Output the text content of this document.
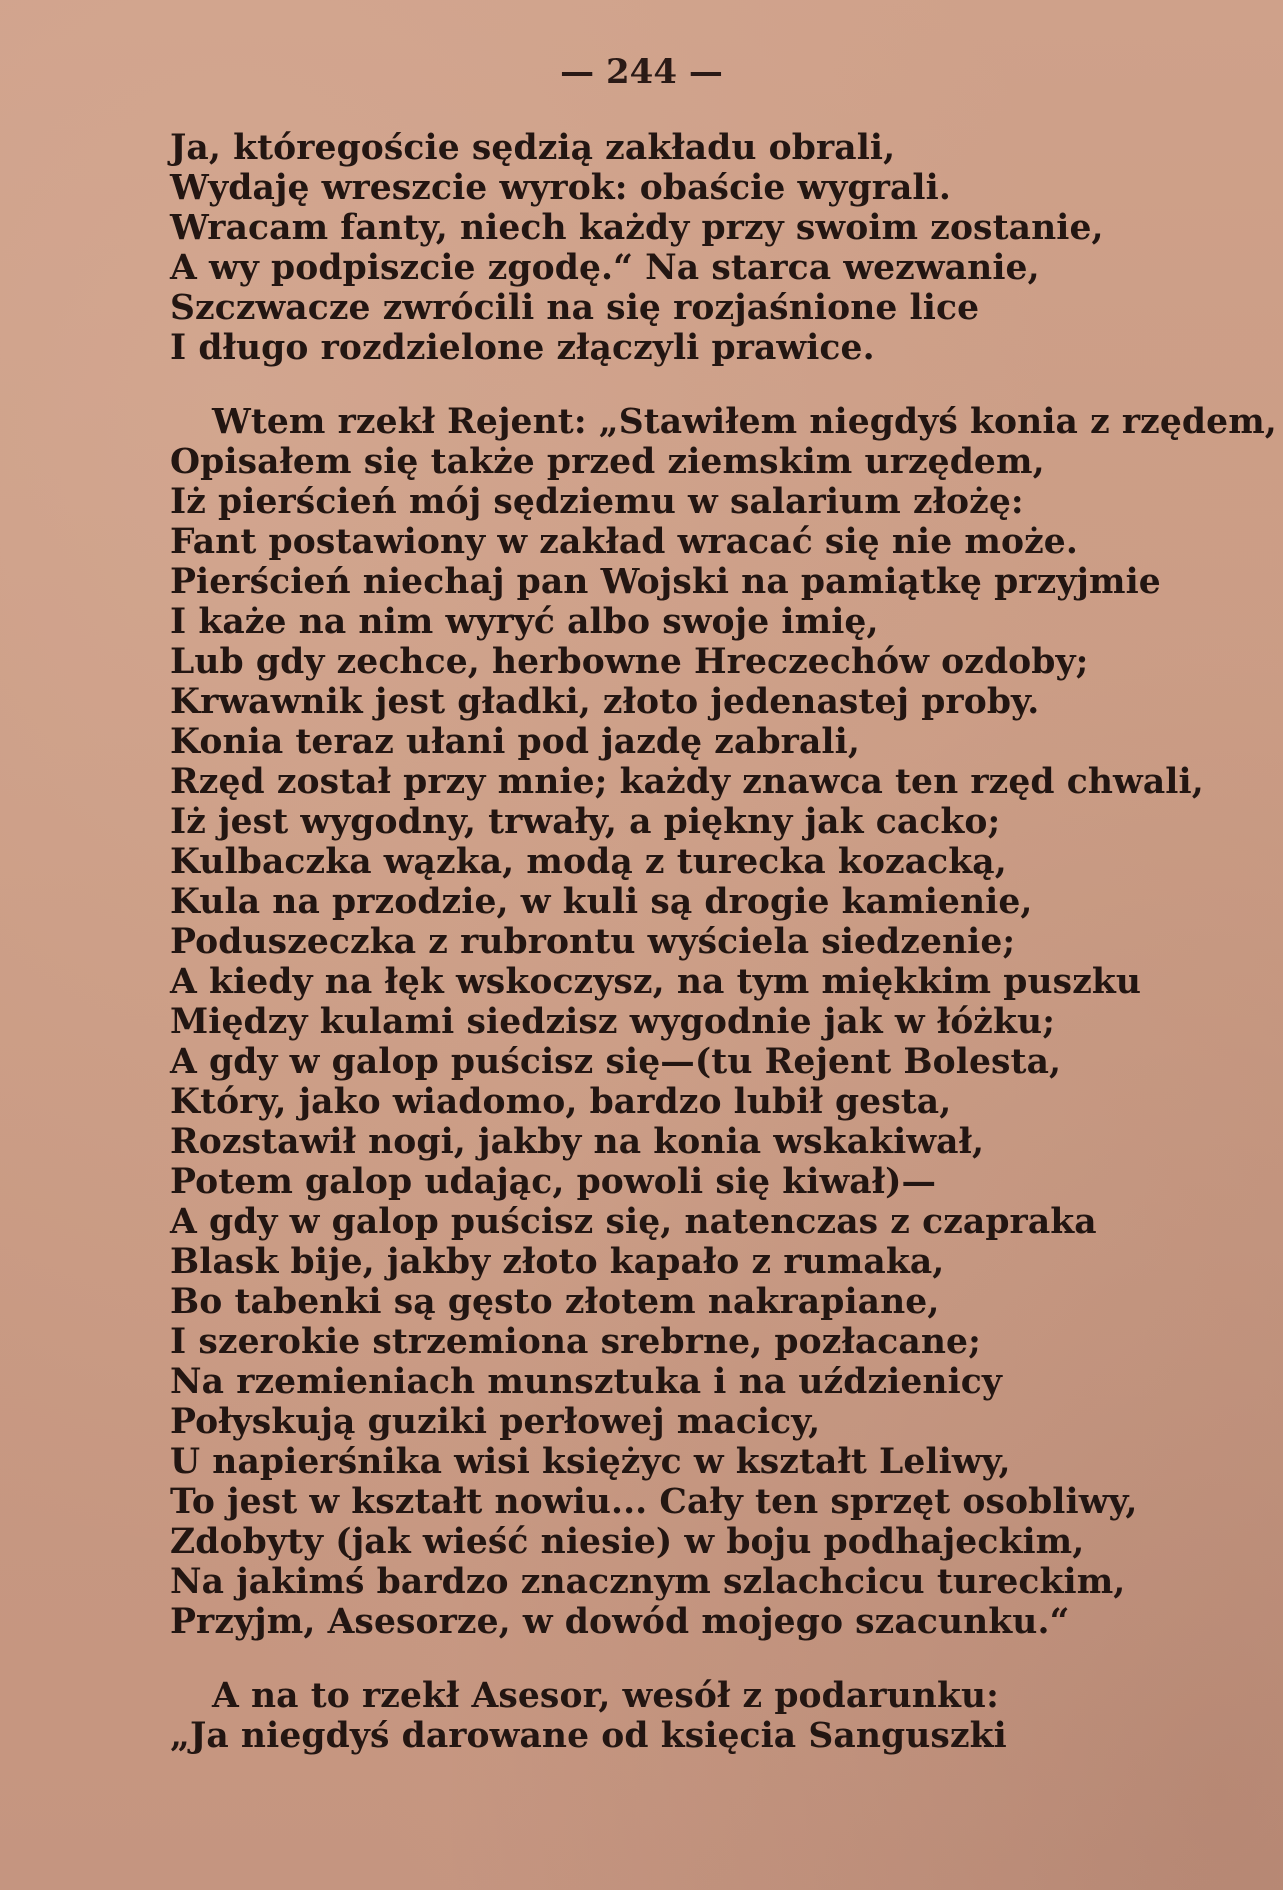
— 244 —
Ja, któregoście sędzią zakładu obrali,
Wydaję wreszcie wyrok: obaście wygrali.
Wracam fanty, niech każdy przy swoim zostanie,
A wy podpiszcie zgodę.“ Na starca wezwanie,
Szczwacze zwrócili na się rozjaśnione lice
I długo rozdzielone złączyli prawice.
Wtem rzekł Rejent: „Stawiłem niegdyś konia z rzędem,
Opisałem się także przed ziemskim urzędem,
Iż pierścień mój sędziemu w salarium złożę:
Fant postawiony w zakład wracać się nie może.
Pierścień niechaj pan Wojski na pamiątkę przyjmie
I każe na nim wyryć albo swoje imię,
Lub gdy zechce, herbowne Hreczechów ozdoby;
Krwawnik jest gładki, złoto jedenastej proby.
Konia teraz ułani pod jazdę zabrali,
Rzęd został przy mnie; każdy znawca ten rzęd chwali,
Iż jest wygodny, trwały, a piękny jak cacko;
Kulbaczka wązka, modą z turecka kozacką,
Kula na przodzie, w kuli są drogie kamienie,
Poduszeczka z rubrontu wyściela siedzenie;
A kiedy na łęk wskoczysz, na tym miękkim puszku
Między kulami siedzisz wygodnie jak w łóżku;
A gdy w galop puścisz się—(tu Rejent Bolesta,
Który, jako wiadomo, bardzo lubił gesta,
Rozstawił nogi, jakby na konia wskakiwał,
Potem galop udając, powoli się kiwał)—
A gdy w galop puścisz się, natenczas z czapraka
Blask bije, jakby złoto kapało z rumaka,
Bo tabenki są gęsto złotem nakrapiane,
I szerokie strzemiona srebrne, pozłacane;
Na rzemieniach munsztuka i na uździenicy
Połyskują guziki perłowej macicy,
U napierśnika wisi księżyc w kształt Leliwy,
To jest w kształt nowiu... Cały ten sprzęt osobliwy,
Zdobyty (jak wieść niesie) w boju podhajeckim,
Na jakimś bardzo znacznym szlachcicu tureckim,
Przyjm, Asesorze, w dowód mojego szacunku.“
A na to rzekł Asesor, wesół z podarunku:
„Ja niegdyś darowane od księcia Sanguszki
